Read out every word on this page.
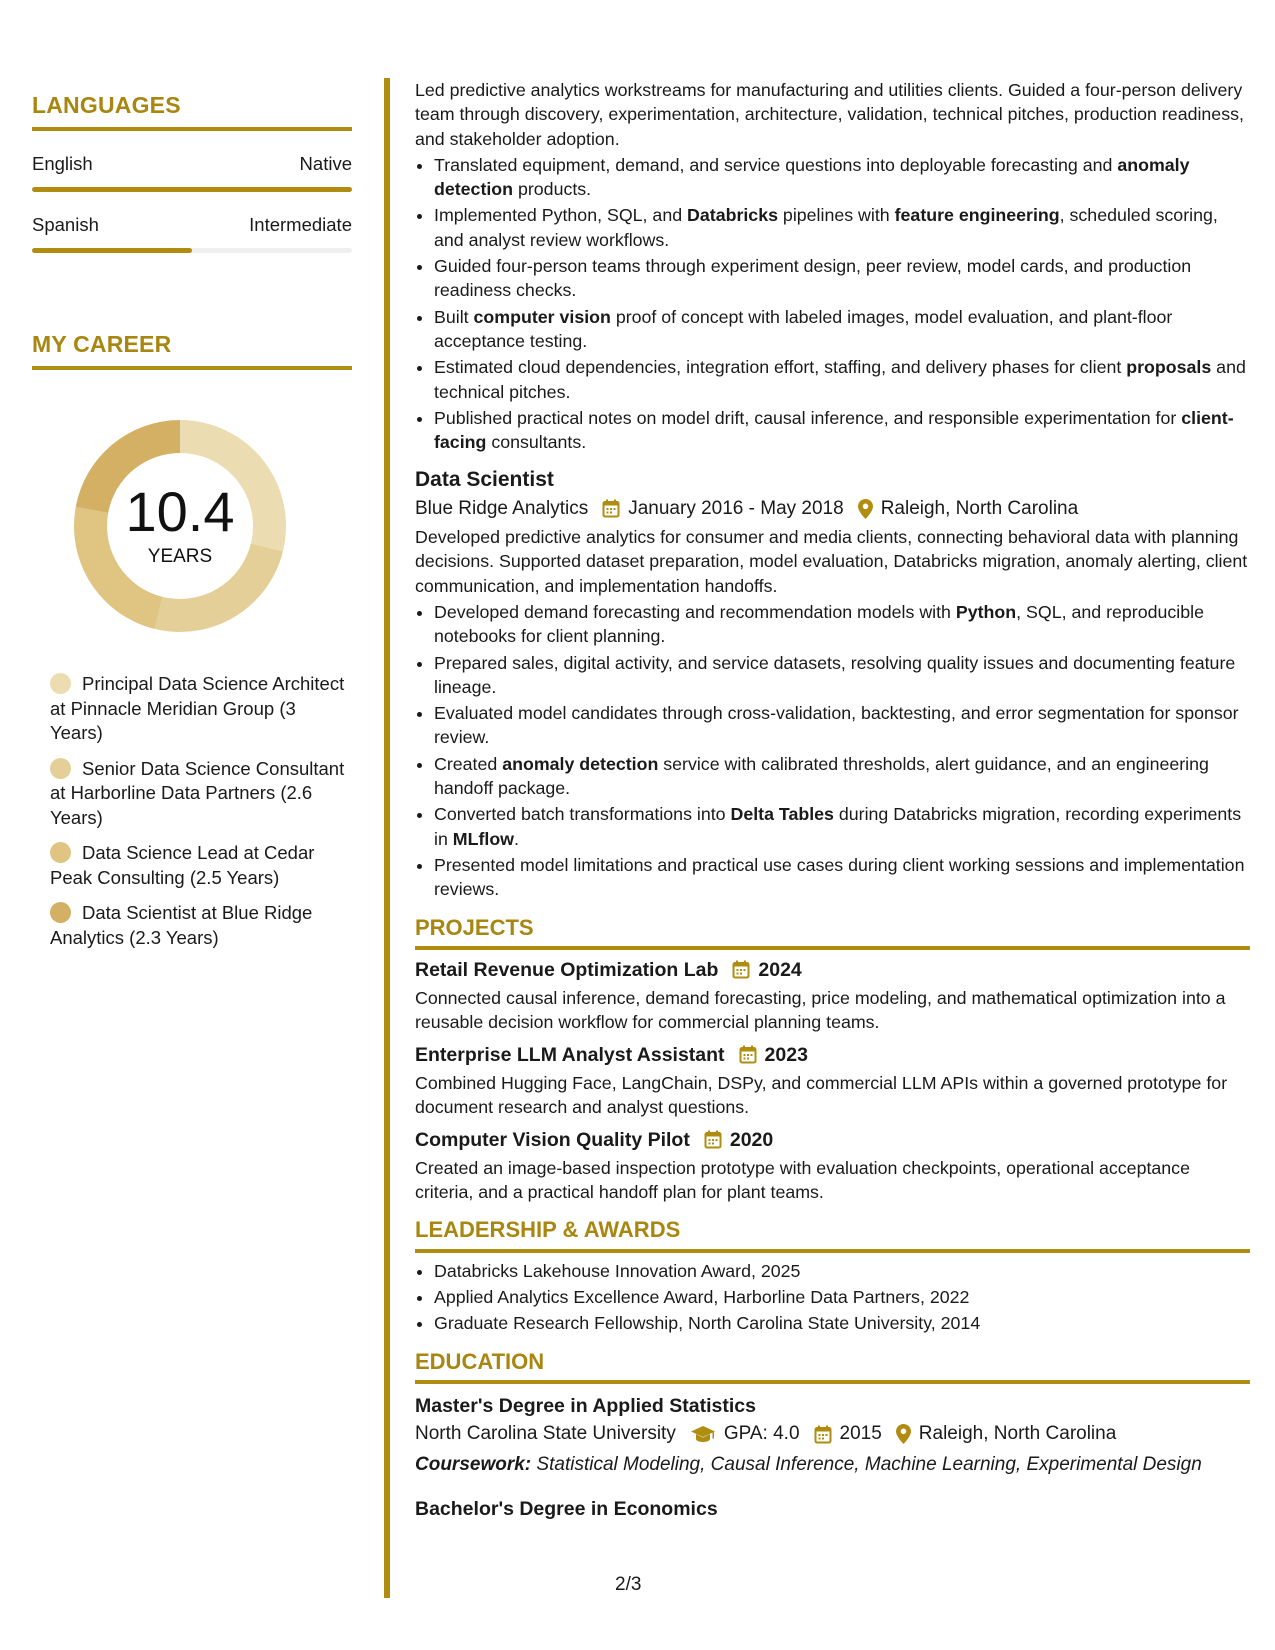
LANGUAGES
English	Native
Spanish	Intermediate
MY CAREER
10.4
YEARS
Principal Data Science Architect at Pinnacle Meridian Group (3 Years)
Senior Data Science Consultant at Harborline Data Partners (2.6 Years)
Data Science Lead at Cedar Peak Consulting (2.5 Years)
Data Scientist at Blue Ridge Analytics (2.3 Years)

Led predictive analytics workstreams for manufacturing and utilities clients. Guided a four-person delivery team through discovery, experimentation, architecture, validation, technical pitches, production readiness, and stakeholder adoption.

• Translated equipment, demand, and service questions into deployable forecasting and anomaly detection products.
• Implemented Python, SQL, and Databricks pipelines with feature engineering, scheduled scoring, and analyst review workflows.
• Guided four-person teams through experiment design, peer review, model cards, and production readiness checks.
• Built computer vision proof of concept with labeled images, model evaluation, and plant-floor acceptance testing.
• Estimated cloud dependencies, integration effort, staffing, and delivery phases for client proposals and technical pitches.
• Published practical notes on model drift, causal inference, and responsible experimentation for client-facing consultants.
Data Scientist
Blue Ridge Analytics January 2016 - May 2018 Raleigh, North Carolina

Developed predictive analytics for consumer and media clients, connecting behavioral data with planning decisions. Supported dataset preparation, model evaluation, Databricks migration, anomaly alerting, client communication, and implementation handoffs.

• Developed demand forecasting and recommendation models with Python, SQL, and reproducible notebooks for client planning.
• Prepared sales, digital activity, and service datasets, resolving quality issues and documenting feature lineage.
• Evaluated model candidates through cross-validation, backtesting, and error segmentation for sponsor review.
• Created anomaly detection service with calibrated thresholds, alert guidance, and an engineering handoff package.
• Converted batch transformations into Delta Tables during Databricks migration, recording experiments in MLflow.
• Presented model limitations and practical use cases during client working sessions and implementation reviews.
PROJECTS
Retail Revenue Optimization Lab 2024

Connected causal inference, demand forecasting, price modeling, and mathematical optimization into a reusable decision workflow for commercial planning teams.

Enterprise LLM Analyst Assistant 2023

Combined Hugging Face, LangChain, DSPy, and commercial LLM APIs within a governed prototype for document research and analyst questions.

Computer Vision Quality Pilot 2020

Created an image-based inspection prototype with evaluation checkpoints, operational acceptance criteria, and a practical handoff plan for plant teams.

LEADERSHIP & AWARDS
• Databricks Lakehouse Innovation Award, 2025
• Applied Analytics Excellence Award, Harborline Data Partners, 2022
• Graduate Research Fellowship, North Carolina State University, 2014
EDUCATION
Master's Degree in Applied Statistics
North Carolina State University	GPA: 4.0 2015 Raleigh, North Carolina
Coursework: Statistical Modeling, Causal Inference, Machine Learning, Experimental Design
Bachelor's Degree in Economics
2/3
